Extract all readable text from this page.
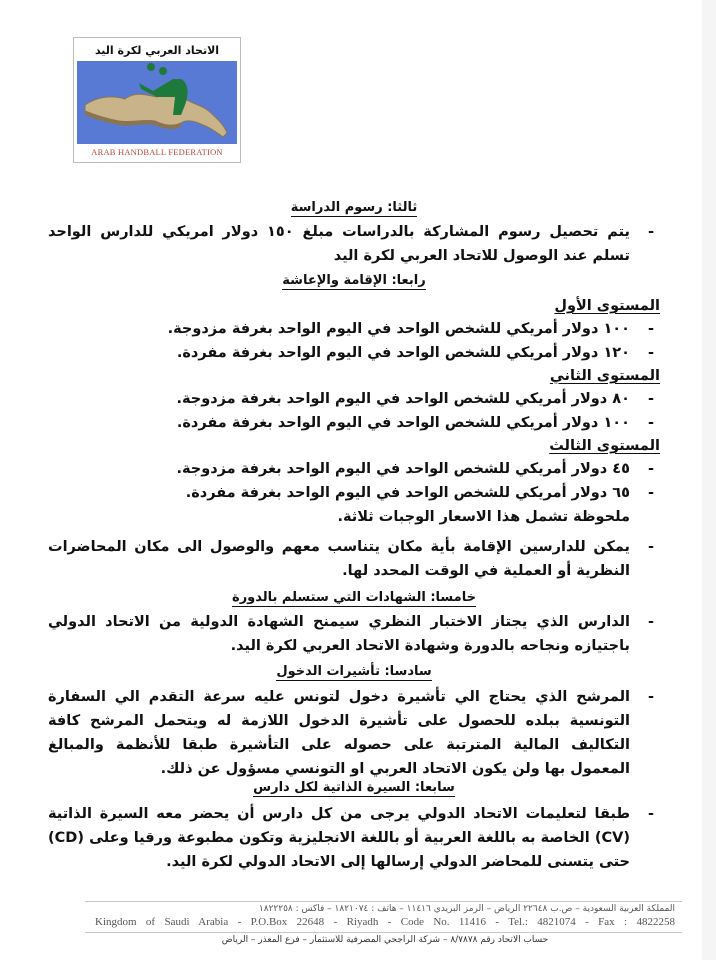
الاتحاد العربي لكرة اليد
ARAB HANDBALL FEDERATION
ثالثا: رسوم الدراسة
-
يتم تحصيل رسوم المشاركة بالدراسات مبلغ ١٥٠ دولار امريكي للدارس الواحد تسلم عند الوصول للاتحاد العربي لكرة اليد
رابعا: الإقامة والإعاشة
المستوى الأول
-
١٠٠ دولار أمريكي للشخص الواحد في اليوم الواحد بغرفة مزدوجة.
-
١٢٠ دولار أمريكي للشخص الواحد في اليوم الواحد بغرفة مفردة.
المستوى الثاني
-
٨٠ دولار أمريكي للشخص الواحد في اليوم الواحد بغرفة مزدوجة.
-
١٠٠ دولار أمريكي للشخص الواحد في اليوم الواحد بغرفة مفردة.
المستوى الثالث
-
٤٥ دولار أمريكي للشخص الواحد في اليوم الواحد بغرفة مزدوجة.
-
٦٥ دولار أمريكي للشخص الواحد في اليوم الواحد بغرفة مفردة.
ملحوظة تشمل هذا الاسعار الوجبات ثلاثة.
-
يمكن للدارسين الإقامة بأية مكان يتناسب معهم والوصول الى مكان المحاضرات النظرية أو العملية في الوقت المحدد لها.
خامسا: الشهادات التي ستسلم بالدورة
-
الدارس الذي يجتاز الاختبار النظري سيمنح الشهادة الدولية من الاتحاد الدولي باجتيازه ونجاحه بالدورة وشهادة الاتحاد العربي لكرة اليد.
سادسا: تأشيرات الدخول
-
المرشح الذي يحتاج الي تأشيرة دخول لتونس عليه سرعة التقدم الي السفارة التونسية ببلده للحصول على تأشيرة الدخول اللازمة له ويتحمل المرشح كافة التكاليف المالية المترتبة على حصوله على التأشيرة طبقا للأنظمة والمبالغ المعمول بها ولن يكون الاتحاد العربي او التونسي مسؤول عن ذلك.
سابعا: السيرة الذاتية لكل دارس
-
طبقا لتعليمات الاتحاد الدولي يرجى من كل دارس أن يحضر معه السيرة الذاتية (CV) الخاصة به باللغة العربية أو باللغة الانجليزية وتكون مطبوعة ورقيا وعلى (CD) حتى يتسنى للمحاضر الدولي إرسالها إلى الاتحاد الدولي لكرة اليد.
المملكة العربية السعودية – ص.ب ٢٢٦٤٨ الرياض – الرمز البريدي ١١٤١٦ – هاتف : ١٨٢١٠٧٤ – فاكس : ١٨٢٢٢٥٨
Kingdom of Saudi Arabia - P.O.Box 22648 - Riyadh - Code No. 11416 - Tel.: 4821074 - Fax : 4822258
حساب الاتحاد رقم ٨/٧٨٧٨ – شركة الراجحي المصرفية للاستثمار – فرع المعذر – الرياض
